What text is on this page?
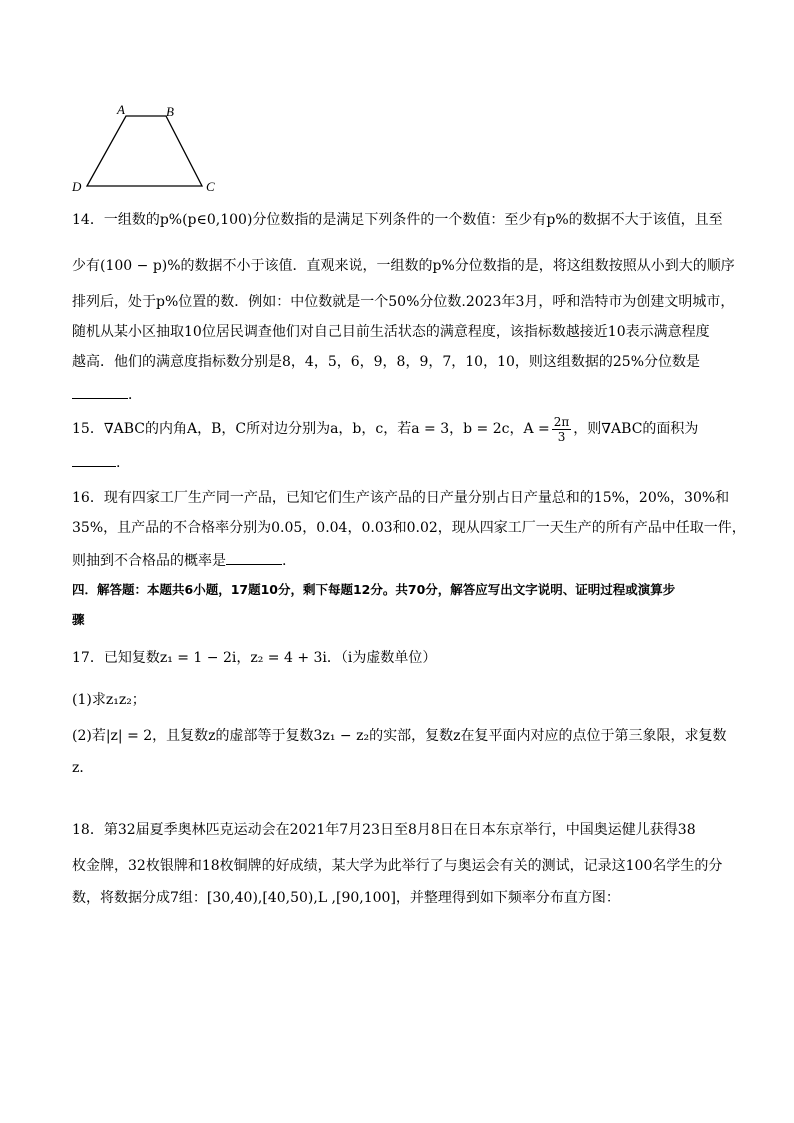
A	B
C
D
14．一组数的p%(p∈0,100)分位数指的是满足下列条件的一个数值：至少有p%的数据不大于该值，且至
少有(100 − p)%的数据不小于该值．直观来说，一组数的p%分位数指的是，将这组数按照从小到大的顺序
排列后，处于p%位置的数．例如：中位数就是一个50%分位数.2023年3月，呼和浩特市为创建文明城市，
随机从某小区抽取10位居民调查他们对自己目前生活状态的满意程度，该指标数越接近10表示满意程度
越高．他们的满意度指标数分别是8，4，5，6，9，8，9，7，10，10，则这组数据的25%分位数是
．
15．∇ABC的内角A，B，C所对边分别为a，b，c，若a = 3，b = 2c，$A = \frac{2\pi}{3}$ ，则∇ABC的面积为
.
16．现有四家工厂生产同一产品，已知它们生产该产品的日产量分别占日产量总和的15%，20%，30%和
35%，且产品的不合格率分别为0.05，0.04，0.03和0.02，现从四家工厂一天生产的所有产品中任取一件，
则抽到不合格品的概率是	.
四．解答题：本题共6小题，17题10分，剩下每题12分。共70分，解答应写出文字说明、证明过程或演算步
骤
17．已知复数z₁ = 1 − 2i，z₂ = 4 + 3i．（i为虚数单位）
(1)求z₁z₂；
(2)若|z| = 2，且复数z的虚部等于复数3z₁ − z₂的实部，复数z在复平面内对应的点位于第三象限，求复数
z．
18．第32届夏季奥林匹克运动会在2021年7月23日至8月8日在日本东京举行，中国奥运健儿获得38
枚金牌，32枚银牌和18枚铜牌的好成绩，某大学为此举行了与奥运会有关的测试，记录这100名学生的分
数，将数据分成7组：[30,40),[40,50),L ,[90,100]，并整理得到如下频率分布直方图：
